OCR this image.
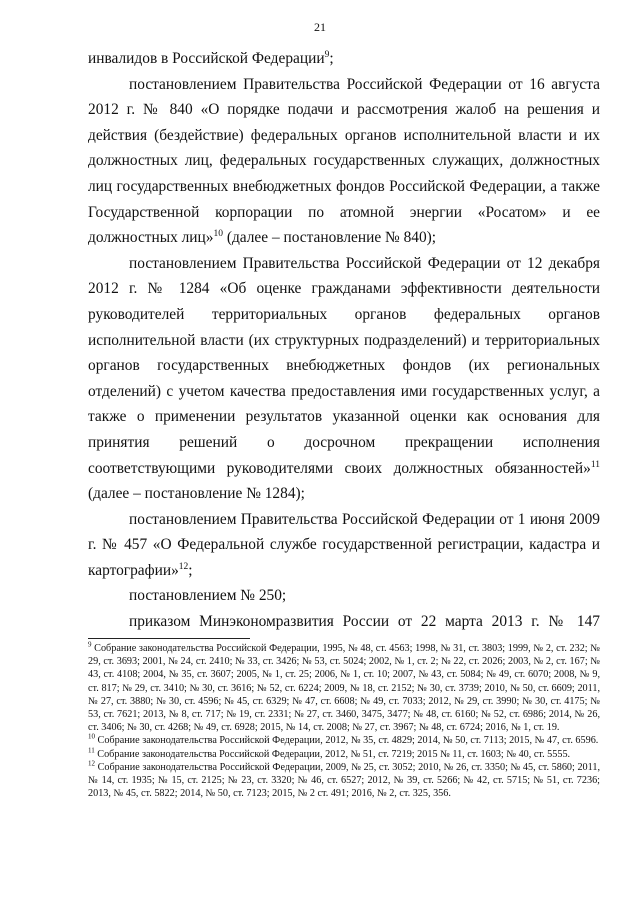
21

инвалидов в Российской Федерации$^9$;

постановлением Правительства Российской Федерации от 16 августа 2012 г. № 840 «О порядке подачи и рассмотрения жалоб на решения и действия (бездействие) федеральных органов исполнительной власти и их должностных лиц, федеральных государственных служащих, должностных лиц государственных внебюджетных фондов Российской Федерации, а также Государственной корпорации по атомной энергии «Росатом» и ее должностных лиц»$^{10}$ (далее – постановление № 840);

постановлением Правительства Российской Федерации от 12 декабря 2012 г. № 1284 «Об оценке гражданами эффективности деятельности руководителей территориальных органов федеральных органов исполнительной власти (их структурных подразделений) и территориальных органов государственных внебюджетных фондов (их региональных отделений) с учетом качества предоставления ими государственных услуг, а также о применении результатов указанной оценки как основания для принятия решений о досрочном прекращении исполнения соответствующими руководителями своих должностных обязанностей»$^{11}$ (далее – постановление № 1284);

постановлением Правительства Российской Федерации от 1 июня 2009 г. № 457 «О Федеральной службе государственной регистрации, кадастра и картографии»$^{12}$;

постановлением № 250;

приказом Минэкономразвития России от 22 марта 2013 г. № 147

$^9$ Собрание законодательства Российской Федерации, 1995, № 48, ст. 4563; 1998, № 31, ст. 3803; 1999, № 2, ст. 232; № 29, ст. 3693; 2001, № 24, ст. 2410; № 33, ст. 3426; № 53, ст. 5024; 2002, № 1, ст. 2; № 22, ст. 2026; 2003, № 2, ст. 167; № 43, ст. 4108; 2004, № 35, ст. 3607; 2005, № 1, ст. 25; 2006, № 1, ст. 10; 2007, № 43, ст. 5084; № 49, ст. 6070; 2008, № 9, ст. 817; № 29, ст. 3410; № 30, ст. 3616; № 52, ст. 6224; 2009, № 18, ст. 2152; № 30, ст. 3739; 2010, № 50, ст. 6609; 2011, № 27, ст. 3880; № 30, ст. 4596; № 45, ст. 6329; № 47, ст. 6608; № 49, ст. 7033; 2012, № 29, ст. 3990; № 30, ст. 4175; № 53, ст. 7621; 2013, № 8, ст. 717; № 19, ст. 2331; № 27, ст. 3460, 3475, 3477; № 48, ст. 6160; № 52, ст. 6986; 2014, № 26, ст. 3406; № 30, ст. 4268; № 49, ст. 6928; 2015, № 14, ст. 2008; № 27, ст. 3967; № 48, ст. 6724; 2016, № 1, ст. 19.

$^{10}$ Собрание законодательства Российской Федерации, 2012, № 35, ст. 4829; 2014, № 50, ст. 7113; 2015, № 47, ст. 6596.

$^{11}$ Собрание законодательства Российской Федерации, 2012, № 51, ст. 7219; 2015 № 11, ст. 1603; № 40, ст. 5555.

$^{12}$ Собрание законодательства Российской Федерации, 2009, № 25, ст. 3052; 2010, № 26, ст. 3350; № 45, ст. 5860; 2011, № 14, ст. 1935; № 15, ст. 2125; № 23, ст. 3320; № 46, ст. 6527; 2012, № 39, ст. 5266; № 42, ст. 5715; № 51, ст. 7236; 2013, № 45, ст. 5822; 2014, № 50, ст. 7123; 2015, № 2 ст. 491; 2016, № 2, ст. 325, 356.
